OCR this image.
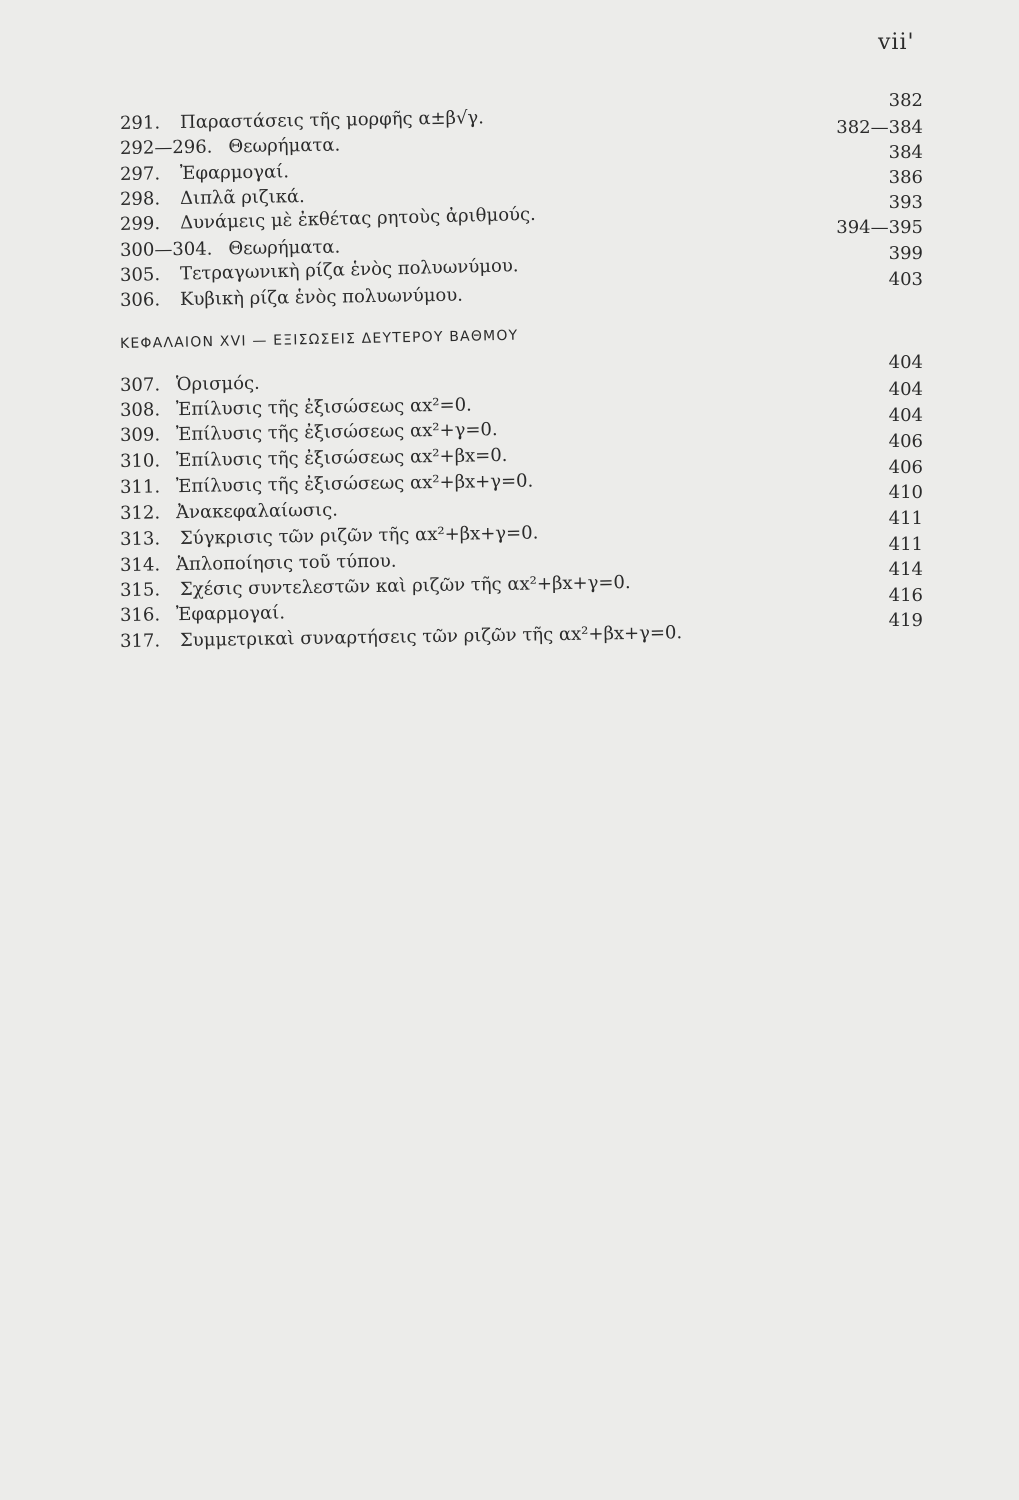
vii'
291. Παραστάσεις τῆς μορφῆς α±β√γ.
292—296. Θεωρήματα.
297. Ἐφαρμογαί.
298. Διπλᾶ ριζικά.
299. Δυνάμεις μὲ ἐκθέτας ρητοὺς ἀριθμούς.
300—304. Θεωρήματα.
305. Τετραγωνικὴ ρίζα ἑνὸς πολυωνύμου.
306. Κυβικὴ ρίζα ἑνὸς πολυωνύμου.
382
382—384
384
386
393
394—395
399
403
ΚΕΦΑΛΑΙΟΝ XVI — ΕΞΙΣΩΣΕΙΣ ΔΕΥΤΕΡΟΥ ΒΑΘΜΟΥ
307. Ὁρισμός.
308. Ἐπίλυσις τῆς ἐξισώσεως αx²=0.
309. Ἐπίλυσις τῆς ἐξισώσεως αx²+γ=0.
310. Ἐπίλυσις τῆς ἐξισώσεως αx²+βx=0.
311. Ἐπίλυσις τῆς ἐξισώσεως αx²+βx+γ=0.
312. Ἀνακεφαλαίωσις.
313. Σύγκρισις τῶν ριζῶν τῆς αx²+βx+γ=0.
314. Ἁπλοποίησις τοῦ τύπου.
315. Σχέσις συντελεστῶν καὶ ριζῶν τῆς αx²+βx+γ=0.
316. Ἐφαρμογαί.
317. Συμμετρικαὶ συναρτήσεις τῶν ριζῶν τῆς αx²+βx+γ=0.
404
404
404
406
406
410
411
411
414
416
419
